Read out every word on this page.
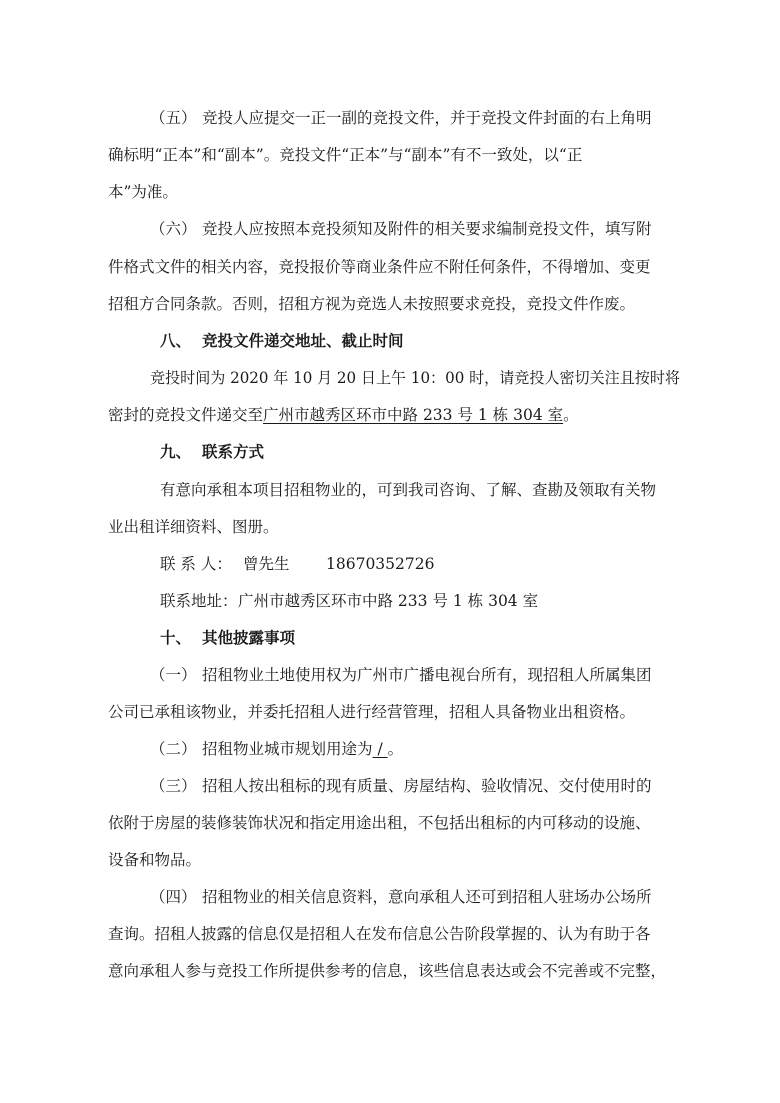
（五） 竞投人应提交一正一副的竞投文件，并于竞投文件封面的右上角明
确标明“正本”和“副本”。竞投文件“正本”与“副本”有不一致处，以“正
本”为准。
（六） 竞投人应按照本竞投须知及附件的相关要求编制竞投文件，填写附
件格式文件的相关内容，竞投报价等商业条件应不附任何条件，不得增加、变更
招租方合同条款。否则，招租方视为竞选人未按照要求竞投，竞投文件作废。
八、 竞投文件递交地址、截止时间
竞投时间为 2020 年 10 月 20 日上午 10：00 时，请竞投人密切关注且按时将
密封的竞投文件递交至广州市越秀区环市中路 233 号 1 栋 304 室。
九、 联系方式
有意向承租本项目招租物业的，可到我司咨询、了解、查勘及领取有关物
业出租详细资料、图册。
联 系 人： 曾先生 18670352726
联系地址： 广州市越秀区环市中路 233 号 1 栋 304 室
十、 其他披露事项
（一） 招租物业土地使用权为广州市广播电视台所有，现招租人所属集团
公司已承租该物业，并委托招租人进行经营管理，招租人具备物业出租资格。
（二） 招租物业城市规划用途为 / 。
（三） 招租人按出租标的现有质量、房屋结构、验收情况、交付使用时的
依附于房屋的装修装饰状况和指定用途出租，不包括出租标的内可移动的设施、
设备和物品。
（四） 招租物业的相关信息资料，意向承租人还可到招租人驻场办公场所
查询。招租人披露的信息仅是招租人在发布信息公告阶段掌握的、认为有助于各
意向承租人参与竞投工作所提供参考的信息，该些信息表达或会不完善或不完整，
